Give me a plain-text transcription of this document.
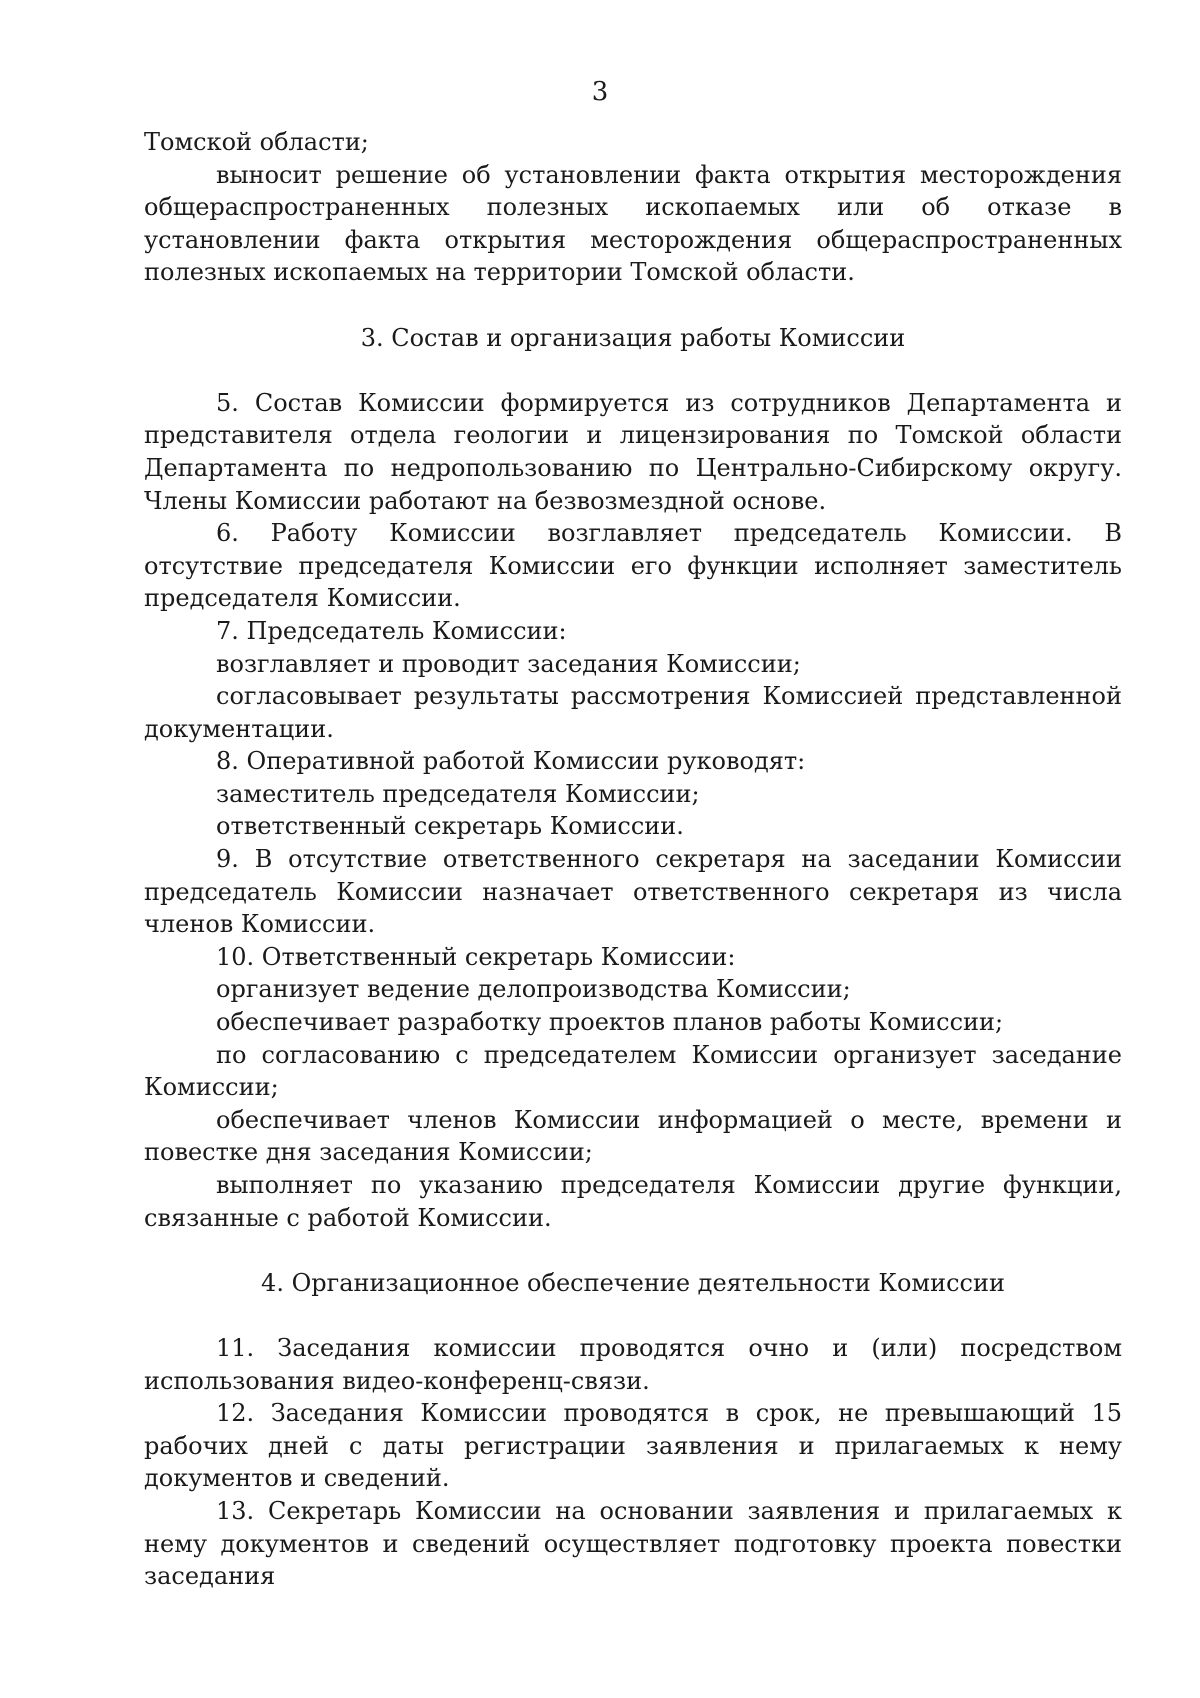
3

Томской области;

выносит решение об установлении факта открытия месторождения общераспространенных полезных ископаемых или об отказе в установлении факта открытия месторождения общераспространенных полезных ископаемых на территории Томской области.

3. Состав и организация работы Комиссии

5. Состав Комиссии формируется из сотрудников Департамента и представителя отдела геологии и лицензирования по Томской области Департамента по недропользованию по Центрально-Сибирскому округу. Члены Комиссии работают на безвозмездной основе.

6. Работу Комиссии возглавляет председатель Комиссии. В отсутствие председателя Комиссии его функции исполняет заместитель председателя Комиссии.

7. Председатель Комиссии:

возглавляет и проводит заседания Комиссии;

согласовывает результаты рассмотрения Комиссией представленной документации.

8. Оперативной работой Комиссии руководят:

заместитель председателя Комиссии;

ответственный секретарь Комиссии.

9. В отсутствие ответственного секретаря на заседании Комиссии председатель Комиссии назначает ответственного секретаря из числа членов Комиссии.

10. Ответственный секретарь Комиссии:

организует ведение делопроизводства Комиссии;

обеспечивает разработку проектов планов работы Комиссии;

по согласованию с председателем Комиссии организует заседание Комиссии;

обеспечивает членов Комиссии информацией о месте, времени и повестке дня заседания Комиссии;

выполняет по указанию председателя Комиссии другие функции, связанные с работой Комиссии.

4. Организационное обеспечение деятельности Комиссии

11. Заседания комиссии проводятся очно и (или) посредством использования видео-конференц-связи.

12. Заседания Комиссии проводятся в срок, не превышающий 15 рабочих дней с даты регистрации заявления и прилагаемых к нему документов и сведений.

13. Секретарь Комиссии на основании заявления и прилагаемых к нему документов и сведений осуществляет подготовку проекта повестки заседания
